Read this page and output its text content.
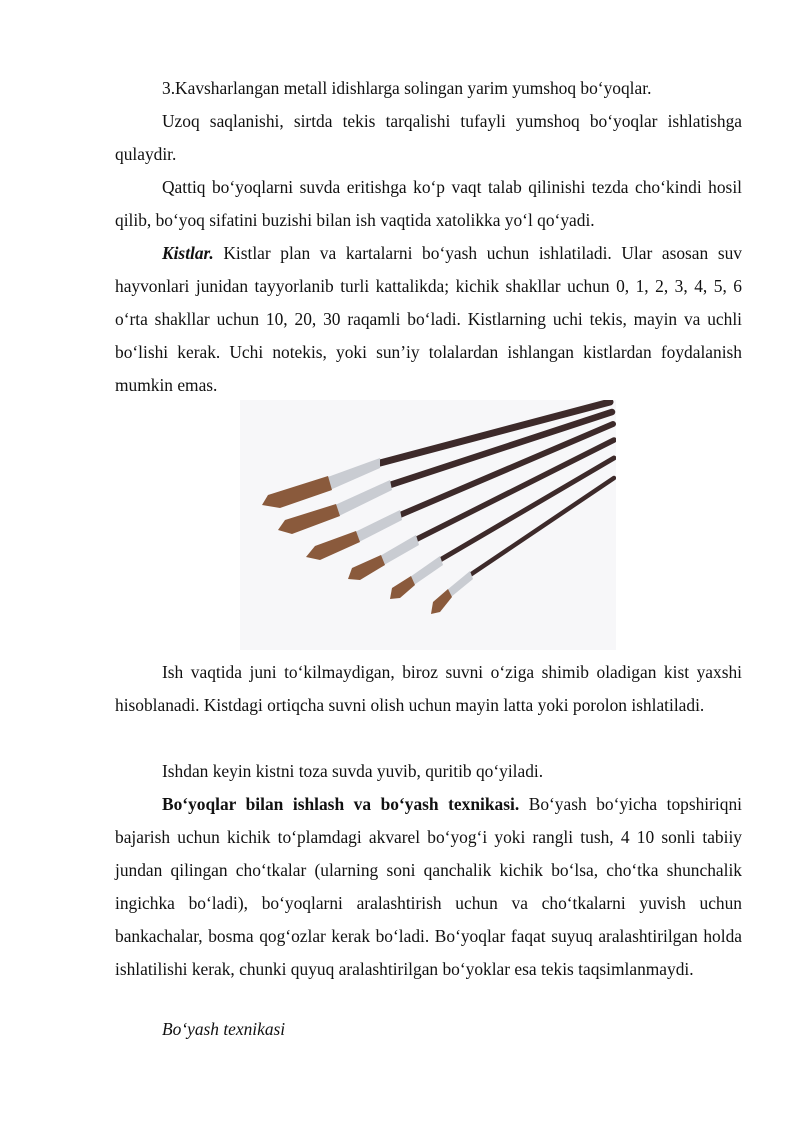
3.Kavsharlangan metall idishlarga solingan yarim yumshoq bo‘yoqlar.

Uzoq saqlanishi, sirtda tekis tarqalishi tufayli yumshoq bo‘yoqlar ishlatishga qulaydir.

Qattiq bo‘yoqlarni suvda eritishga ko‘p vaqt talab qilinishi tezda cho‘kindi hosil qilib, bo‘yoq sifatini buzishi bilan ish vaqtida xatolikka yo‘l qo‘yadi.

Kistlar. Kistlar plan va kartalarni bo‘yash uchun ishlatiladi. Ular asosan suv hayvonlari junidan tayyorlanib turli kattalikda; kichik shakllar uchun 0, 1, 2, 3, 4, 5, 6 o‘rta shakllar uchun 10, 20, 30 raqamli bo‘ladi. Kistlarning uchi tekis, mayin va uchli bo‘lishi kerak. Uchi notekis, yoki sun’iy tolalardan ishlangan kistlardan foydalanish mumkin emas.

Ish vaqtida juni to‘kilmaydigan, biroz suvni o‘ziga shimib oladigan kist yaxshi hisoblanadi. Kistdagi ortiqcha suvni olish uchun mayin latta yoki porolon ishlatiladi.

Ishdan keyin kistni toza suvda yuvib, quritib qo‘yiladi.

Bo‘yoqlar bilan ishlash va bo‘yash texnikasi. Bo‘yash bo‘yicha topshiriqni bajarish uchun kichik to‘plamdagi akvarel bo‘yog‘i yoki rangli tush, 4 10 sonli tabiiy jundan qilingan cho‘tkalar (ularning soni qanchalik kichik bo‘lsa, cho‘tka shunchalik ingichka bo‘ladi), bo‘yoqlarni aralashtirish uchun va cho‘tkalarni yuvish uchun bankachalar, bosma qog‘ozlar kerak bo‘ladi. Bo‘yoqlar faqat suyuq aralashtirilgan holda ishlatilishi kerak, chunki quyuq aralashtirilgan bo‘yoklar esa tekis taqsimlanmaydi.

Bo‘yash texnikasi
